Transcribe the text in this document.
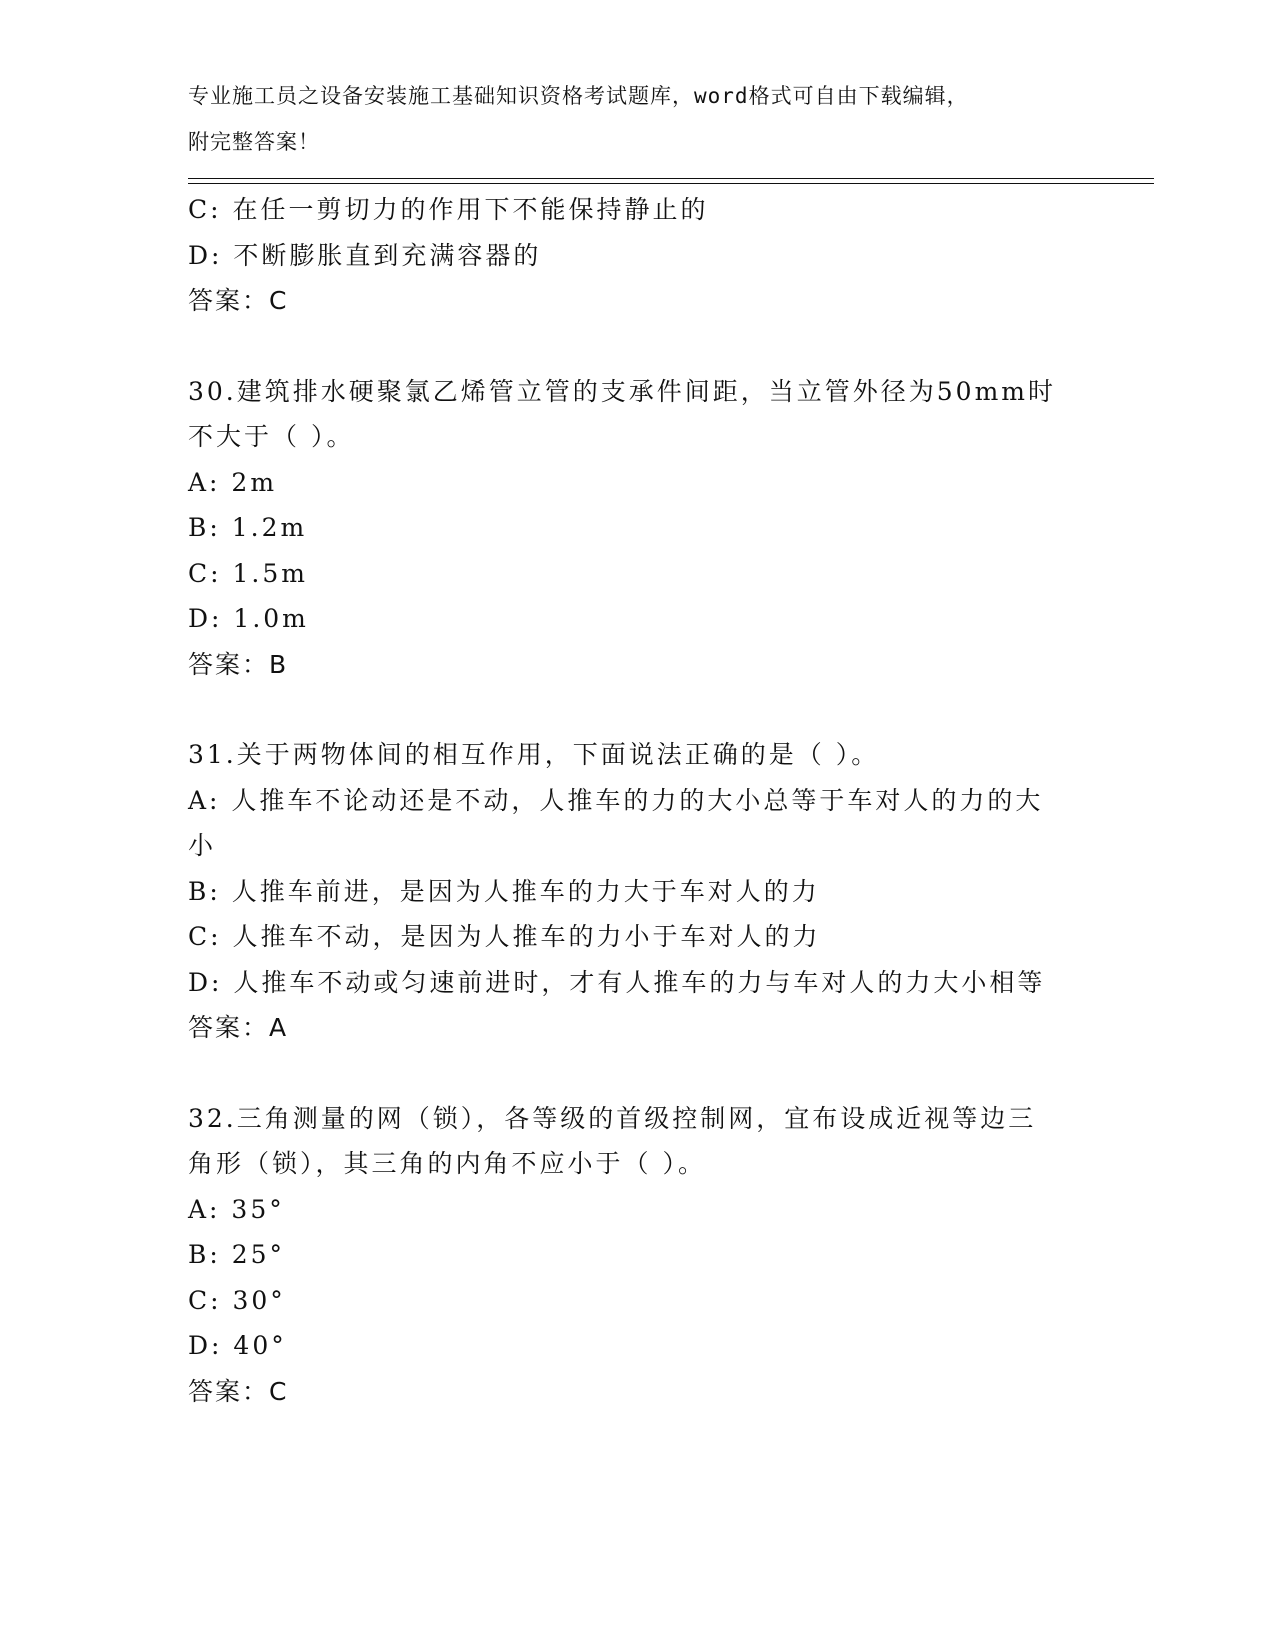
专业施工员之设备安装施工基础知识资格考试题库，word格式可自由下载编辑，
附完整答案！
C: 在任一剪切力的作用下不能保持静止的
D: 不断膨胀直到充满容器的
答案：C
30.建筑排水硬聚氯乙烯管立管的支承件间距，当立管外径为50mm时
不大于（ ）。
A: 2m
B: 1.2m
C: 1.5m
D: 1.0m
答案：B
31.关于两物体间的相互作用，下面说法正确的是（ ）。
A: 人推车不论动还是不动，人推车的力的大小总等于车对人的力的大
小
B: 人推车前进，是因为人推车的力大于车对人的力
C: 人推车不动，是因为人推车的力小于车对人的力
D: 人推车不动或匀速前进时，才有人推车的力与车对人的力大小相等
答案：A
32.三角测量的网（锁），各等级的首级控制网，宜布设成近视等边三
角形（锁），其三角的内角不应小于（ ）。
A: 35°
B: 25°
C: 30°
D: 40°
答案：C
